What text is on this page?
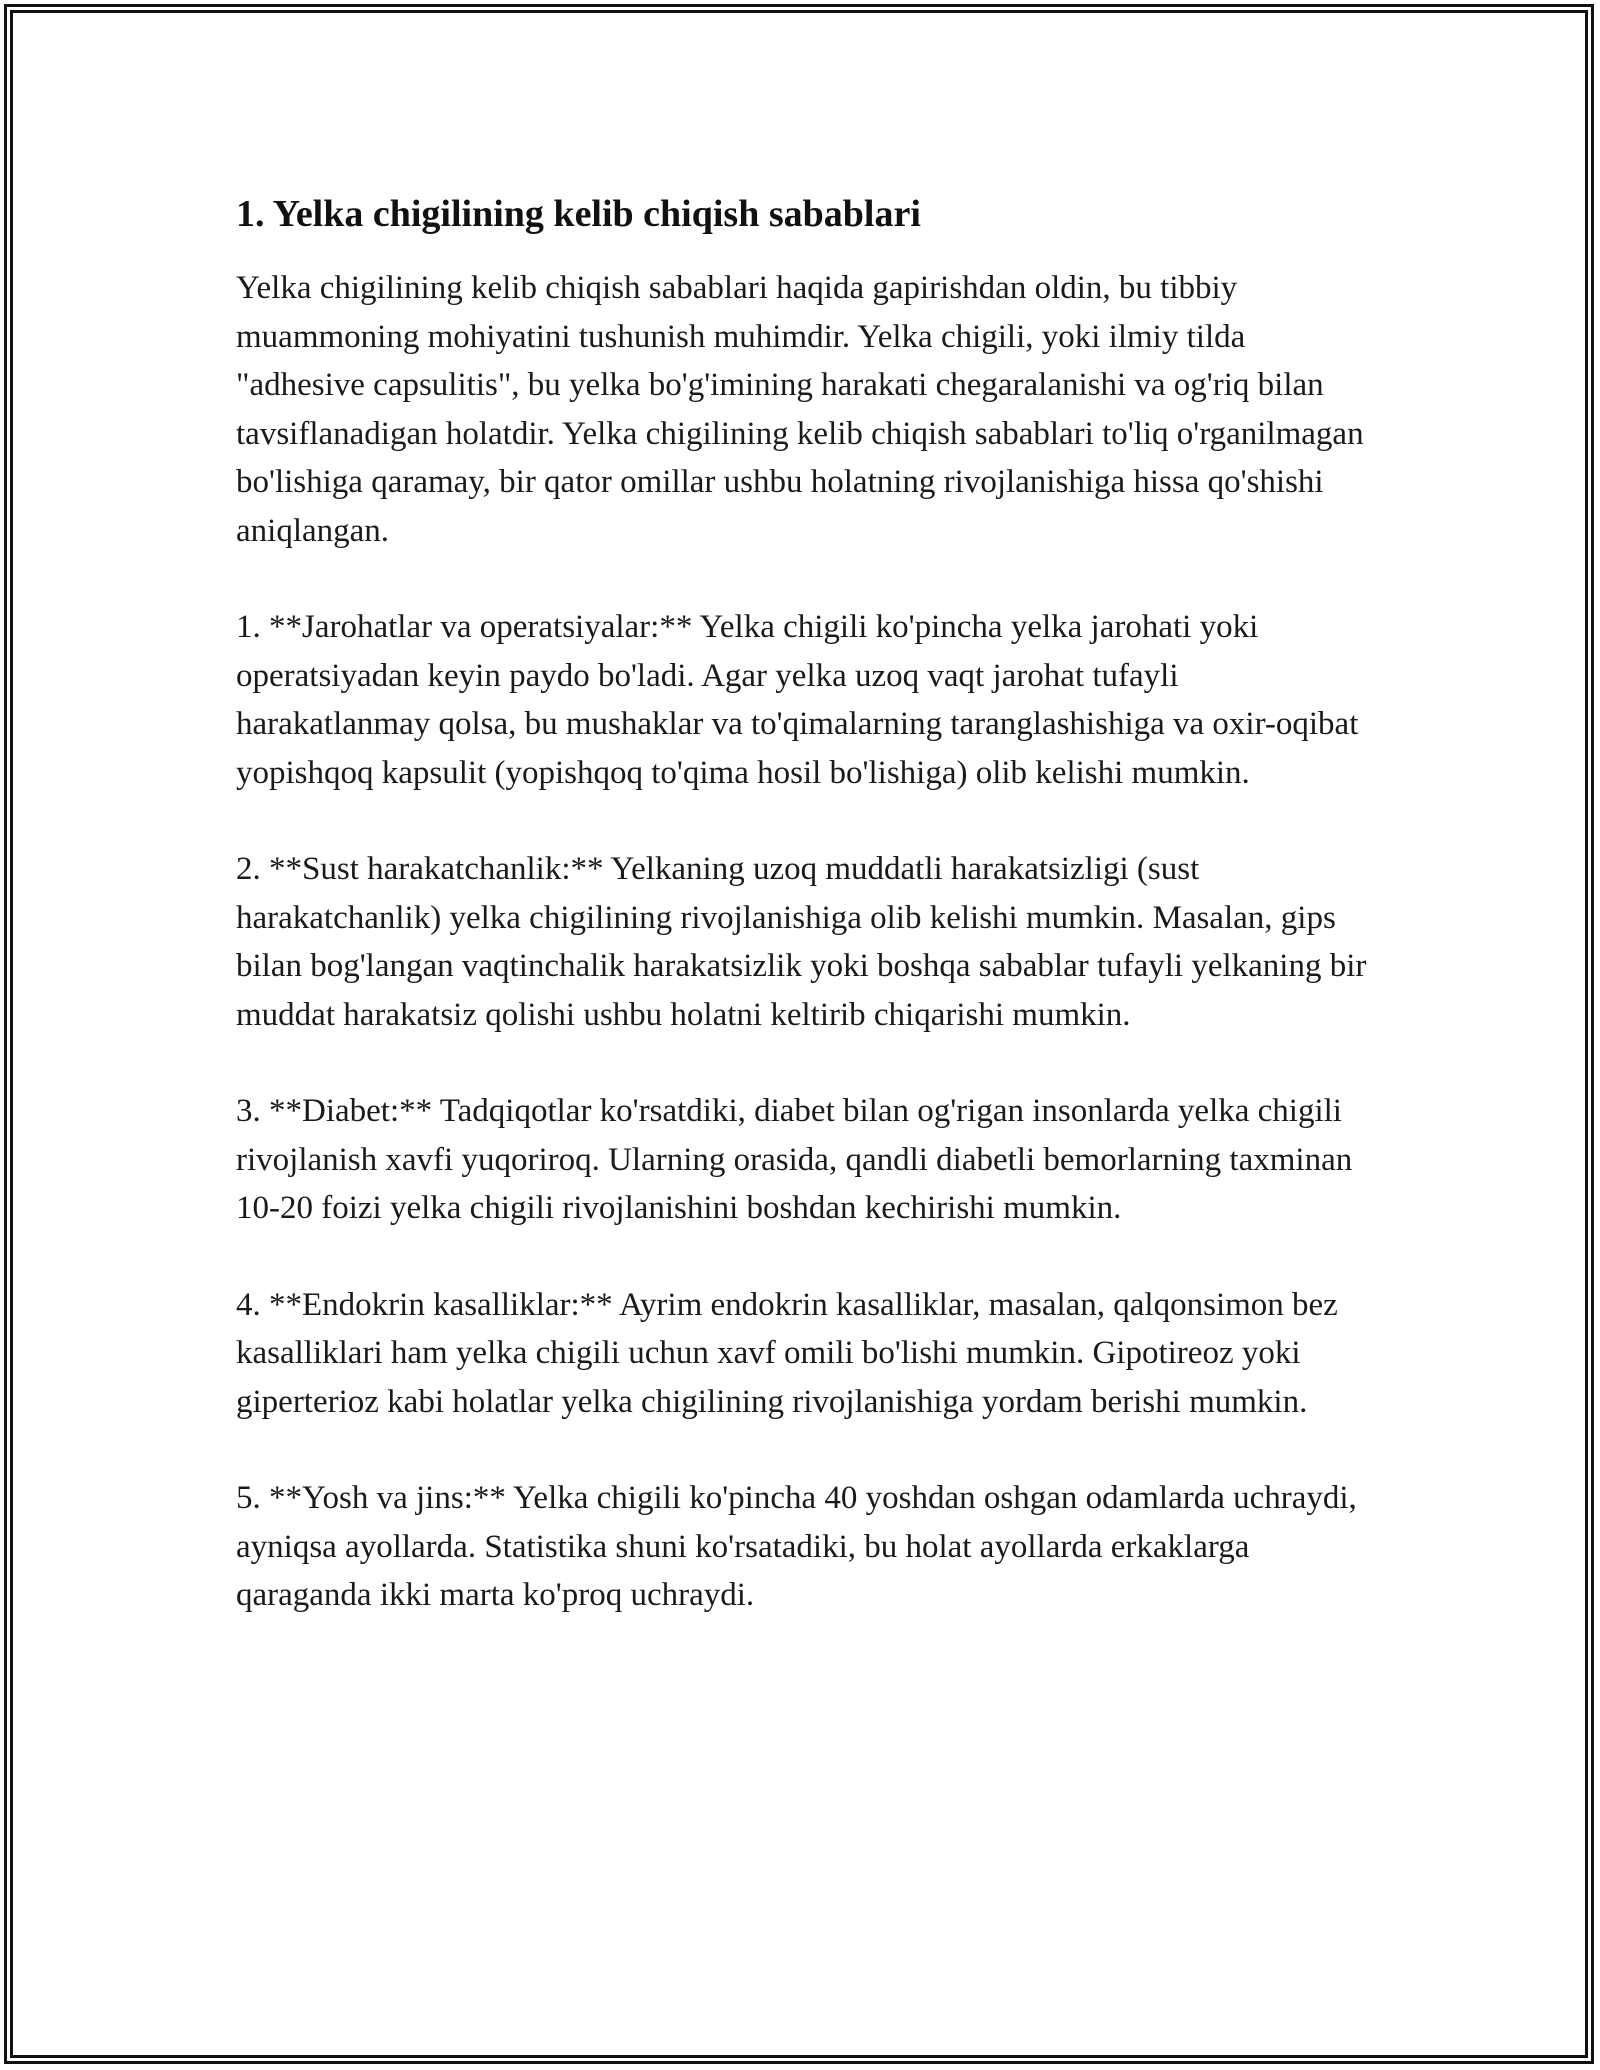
1. Yelka chigilining kelib chiqish sabablari

Yelka chigilining kelib chiqish sabablari haqida gapirishdan oldin, bu tibbiy muammoning mohiyatini tushunish muhimdir. Yelka chigili, yoki ilmiy tilda "adhesive capsulitis", bu yelka bo'g'imining harakati chegaralanishi va og'riq bilan tavsiflanadigan holatdir. Yelka chigilining kelib chiqish sabablari to'liq o'rganilmagan bo'lishiga qaramay, bir qator omillar ushbu holatning rivojlanishiga hissa qo'shishi aniqlangan.

1. **Jarohatlar va operatsiyalar:** Yelka chigili ko'pincha yelka jarohati yoki operatsiyadan keyin paydo bo'ladi. Agar yelka uzoq vaqt jarohat tufayli harakatlanmay qolsa, bu mushaklar va to'qimalarning taranglashishiga va oxir-oqibat yopishqoq kapsulit (yopishqoq to'qima hosil bo'lishiga) olib kelishi mumkin.

2. **Sust harakatchanlik:** Yelkaning uzoq muddatli harakatsizligi (sust harakatchanlik) yelka chigilining rivojlanishiga olib kelishi mumkin. Masalan, gips bilan bog'langan vaqtinchalik harakatsizlik yoki boshqa sabablar tufayli yelkaning bir muddat harakatsiz qolishi ushbu holatni keltirib chiqarishi mumkin.

3. **Diabet:** Tadqiqotlar ko'rsatdiki, diabet bilan og'rigan insonlarda yelka chigili rivojlanish xavfi yuqoriroq. Ularning orasida, qandli diabetli bemorlarning taxminan 10-20 foizi yelka chigili rivojlanishini boshdan kechirishi mumkin.

4. **Endokrin kasalliklar:** Ayrim endokrin kasalliklar, masalan, qalqonsimon bez kasalliklari ham yelka chigili uchun xavf omili bo'lishi mumkin. Gipotireoz yoki giperterioz kabi holatlar yelka chigilining rivojlanishiga yordam berishi mumkin.

5. **Yosh va jins:** Yelka chigili ko'pincha 40 yoshdan oshgan odamlarda uchraydi, ayniqsa ayollarda. Statistika shuni ko'rsatadiki, bu holat ayollarda erkaklarga qaraganda ikki marta ko'proq uchraydi.
